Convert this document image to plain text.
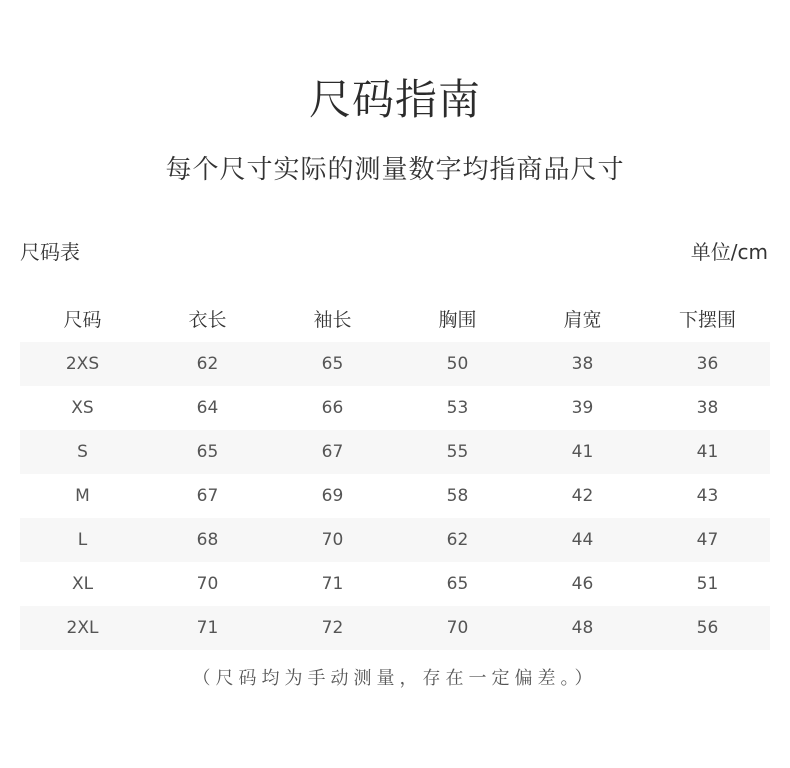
尺码指南
每个尺寸实际的测量数字均指商品尺寸
尺码表	单位/cm
尺码	衣长	袖长	胸围	肩宽	下摆围
2XS	62	65	50	38	36
XS	64	66	53	39	38
S	65	67	55	41	41
M	67	69	58	42	43
L	68	70	62	44	47
XL	70	71	65	46	51
2XL	71	72	70	48	56
（尺码均为手动测量，存在一定偏差。）
